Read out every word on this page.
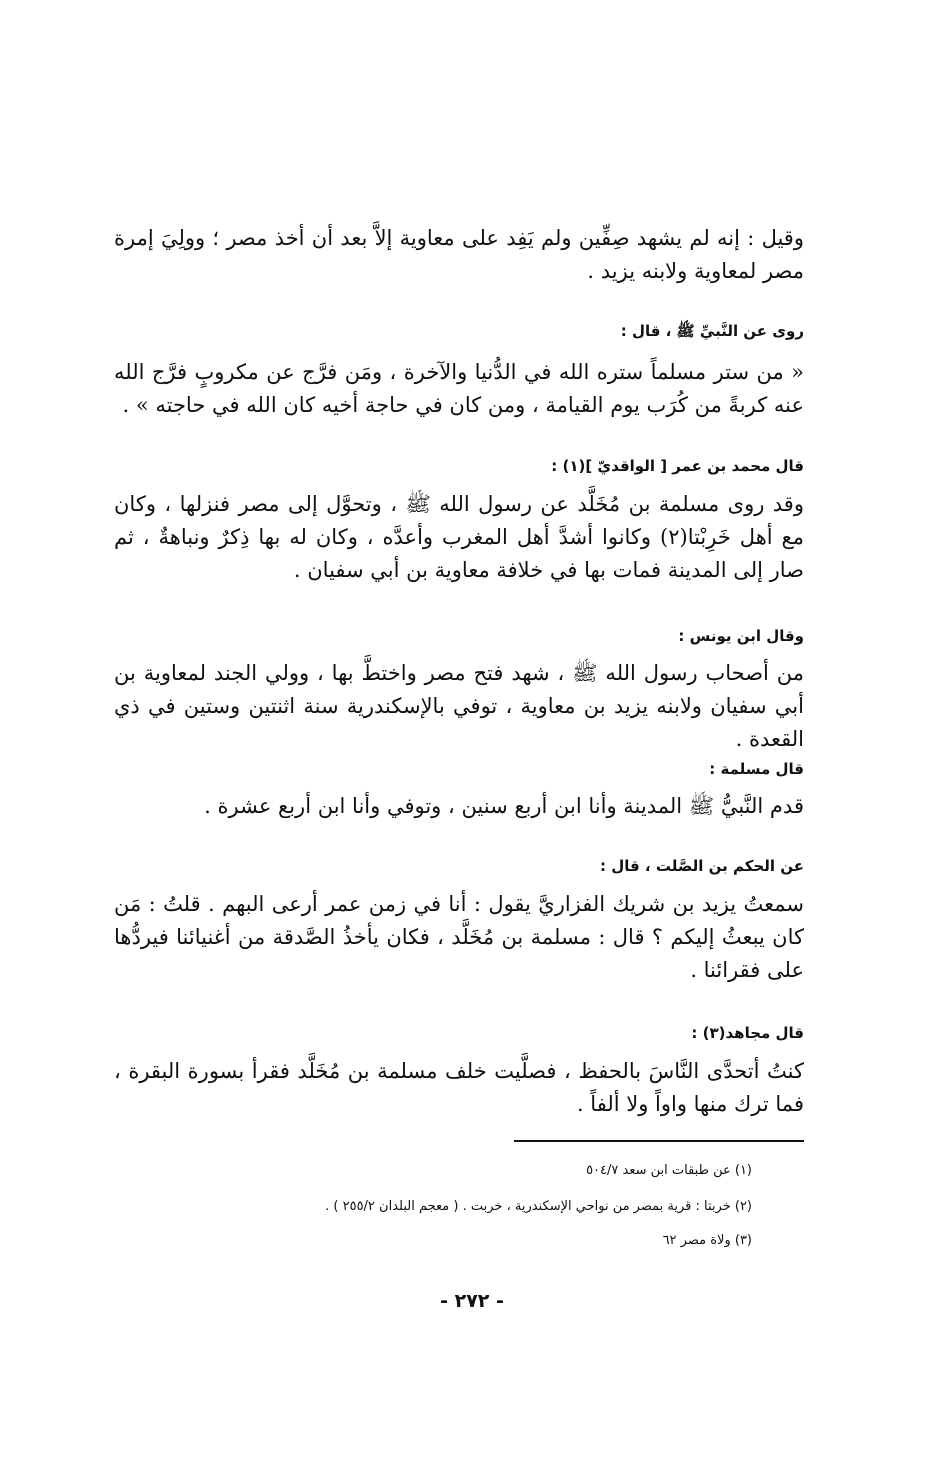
وقيل : إنه لم يشهد صِفِّين ولم يَفِد على معاوية إلاَّ بعد أن أخذ مصر ؛ وولِيَ إمرة مصر لمعاوية ولابنه يزيد .
روى عن النَّبيِّ ﷺ ، قال :
« من ستر مسلماً ستره الله في الدُّنيا والآخرة ، ومَن فرَّج عن مكروبٍ فرَّج الله عنه كربةً من كُرَب يوم القيامة ، ومن كان في حاجة أخيه كان الله في حاجته » .
قال محمد بن عمر [ الواقديّ ](١) :
وقد روى مسلمة بن مُخَلَّد عن رسول الله ﷺ ، وتحوَّل إلى مصر فنزلها ، وكان مع أهل خَرِبْتا(٢) وكانوا أشدَّ أهل المغرب وأعدَّه ، وكان له بها ذِكرٌ ونباهةٌ ، ثم صار إلى المدينة فمات بها في خلافة معاوية بن أبي سفيان .
وقال ابن يونس :
من أصحاب رسول الله ﷺ ، شهد فتح مصر واختطَّ بها ، وولي الجند لمعاوية بن أبي سفيان ولابنه يزيد بن معاوية ، توفي بالإسكندرية سنة اثنتين وستين في ذي القعدة .
قال مسلمة :
قدم النَّبيُّ ﷺ المدينة وأنا ابن أربع سنين ، وتوفي وأنا ابن أربع عشرة .
عن الحكم بن الصَّلت ، قال :
سمعتُ يزيد بن شريك الفزاريَّ يقول : أنا في زمن عمر أرعى البهم . قلتُ : مَن كان يبعثُ إليكم ؟ قال : مسلمة بن مُخَلَّد ، فكان يأخذُ الصَّدقة من أغنيائنا فيردُّها على فقرائنا .
قال مجاهد(٣) :
كنتُ أتحدَّى النَّاسَ بالحفظ ، فصلَّيت خلف مسلمة بن مُخَلَّد فقرأ بسورة البقرة ، فما ترك منها واواً ولا ألفاً .
(١) عن طبقات ابن سعد ٥٠٤/٧
(٢) خربتا : قرية بمصر من نواحي الإسكندرية ، خربت . ( معجم البلدان ٢٥٥/٢ ) .
(٣) ولاة مصر ٦٢
- ٢٧٢ -
